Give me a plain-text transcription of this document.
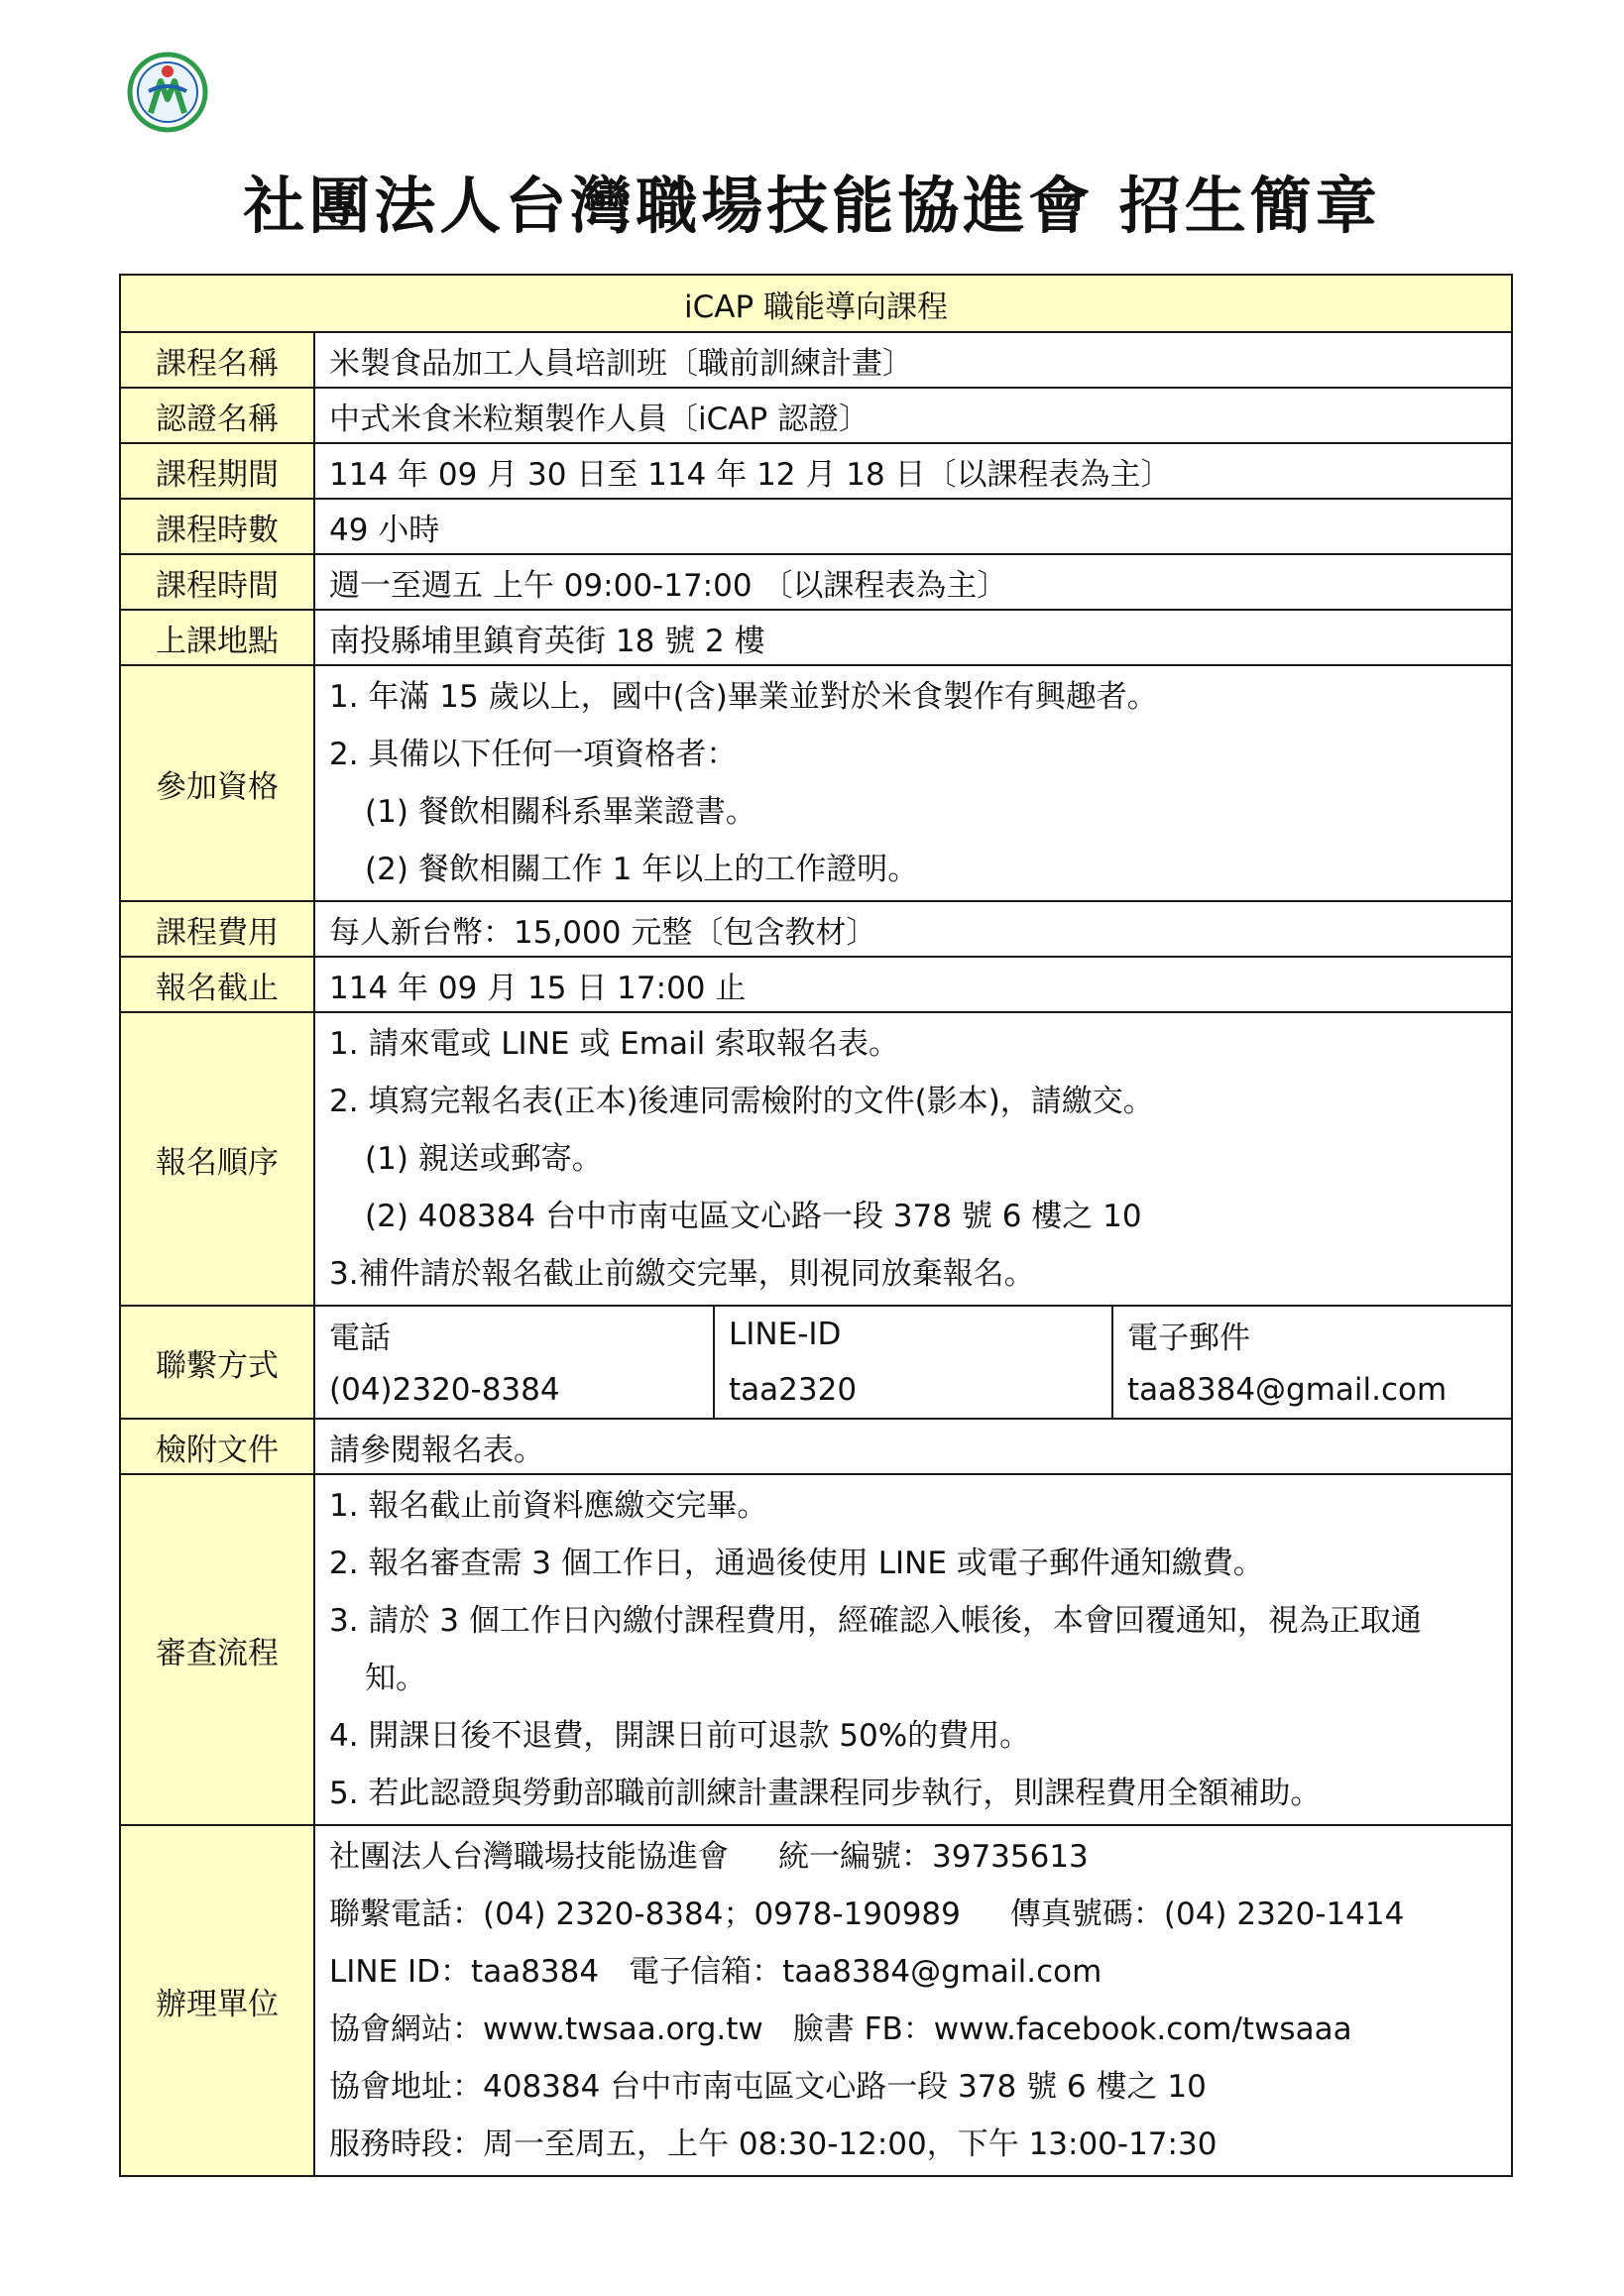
社團法人台灣職場技能協進會 招生簡章
iCAP 職能導向課程
課程名稱	米製食品加工人員培訓班〔職前訓練計畫〕
認證名稱	中式米食米粒類製作人員〔iCAP 認證〕
課程期間	114 年 09 月 30 日至 114 年 12 月 18 日〔以課程表為主〕
課程時數	49 小時
課程時間	週一至週五 上午 09:00-17:00 〔以課程表為主〕
上課地點	南投縣埔里鎮育英街 18 號 2 樓
參加資格	
1. 年滿 15 歲以上，國中(含)畢業並對於米食製作有興趣者。
2. 具備以下任何一項資格者：
(1) 餐飲相關科系畢業證書。
(2) 餐飲相關工作 1 年以上的工作證明。

課程費用	每人新台幣：15,000 元整〔包含教材〕
報名截止	114 年 09 月 15 日 17:00 止
報名順序	
1. 請來電或 LINE 或 Email 索取報名表。
2. 填寫完報名表(正本)後連同需檢附的文件(影本)，請繳交。
(1) 親送或郵寄。
(2) 408384 台中市南屯區文心路一段 378 號 6 樓之 10
3.補件請於報名截止前繳交完畢，則視同放棄報名。

聯繫方式	
電話	LINE-ID	電子郵件
(04)2320-8384	taa2320	taa8384@gmail.com

檢附文件	請參閱報名表。
審查流程	
1. 報名截止前資料應繳交完畢。
2. 報名審查需 3 個工作日，通過後使用 LINE 或電子郵件通知繳費。
3. 請於 3 個工作日內繳付課程費用，經確認入帳後，本會回覆通知，視為正取通
知。
4. 開課日後不退費，開課日前可退款 50%的費用。
5. 若此認證與勞動部職前訓練計畫課程同步執行，則課程費用全額補助。

辦理單位	
社團法人台灣職場技能協進會 統一編號：39735613
聯繫電話：(04) 2320-8384；0978-190989 傳真號碼：(04) 2320-1414
LINE ID：taa8384 電子信箱：taa8384@gmail.com
協會網站：www.twsaa.org.tw 臉書 FB：www.facebook.com/twsaaa
協會地址：408384 台中市南屯區文心路一段 378 號 6 樓之 10
服務時段：周一至周五，上午 08:30-12:00，下午 13:00-17:30
